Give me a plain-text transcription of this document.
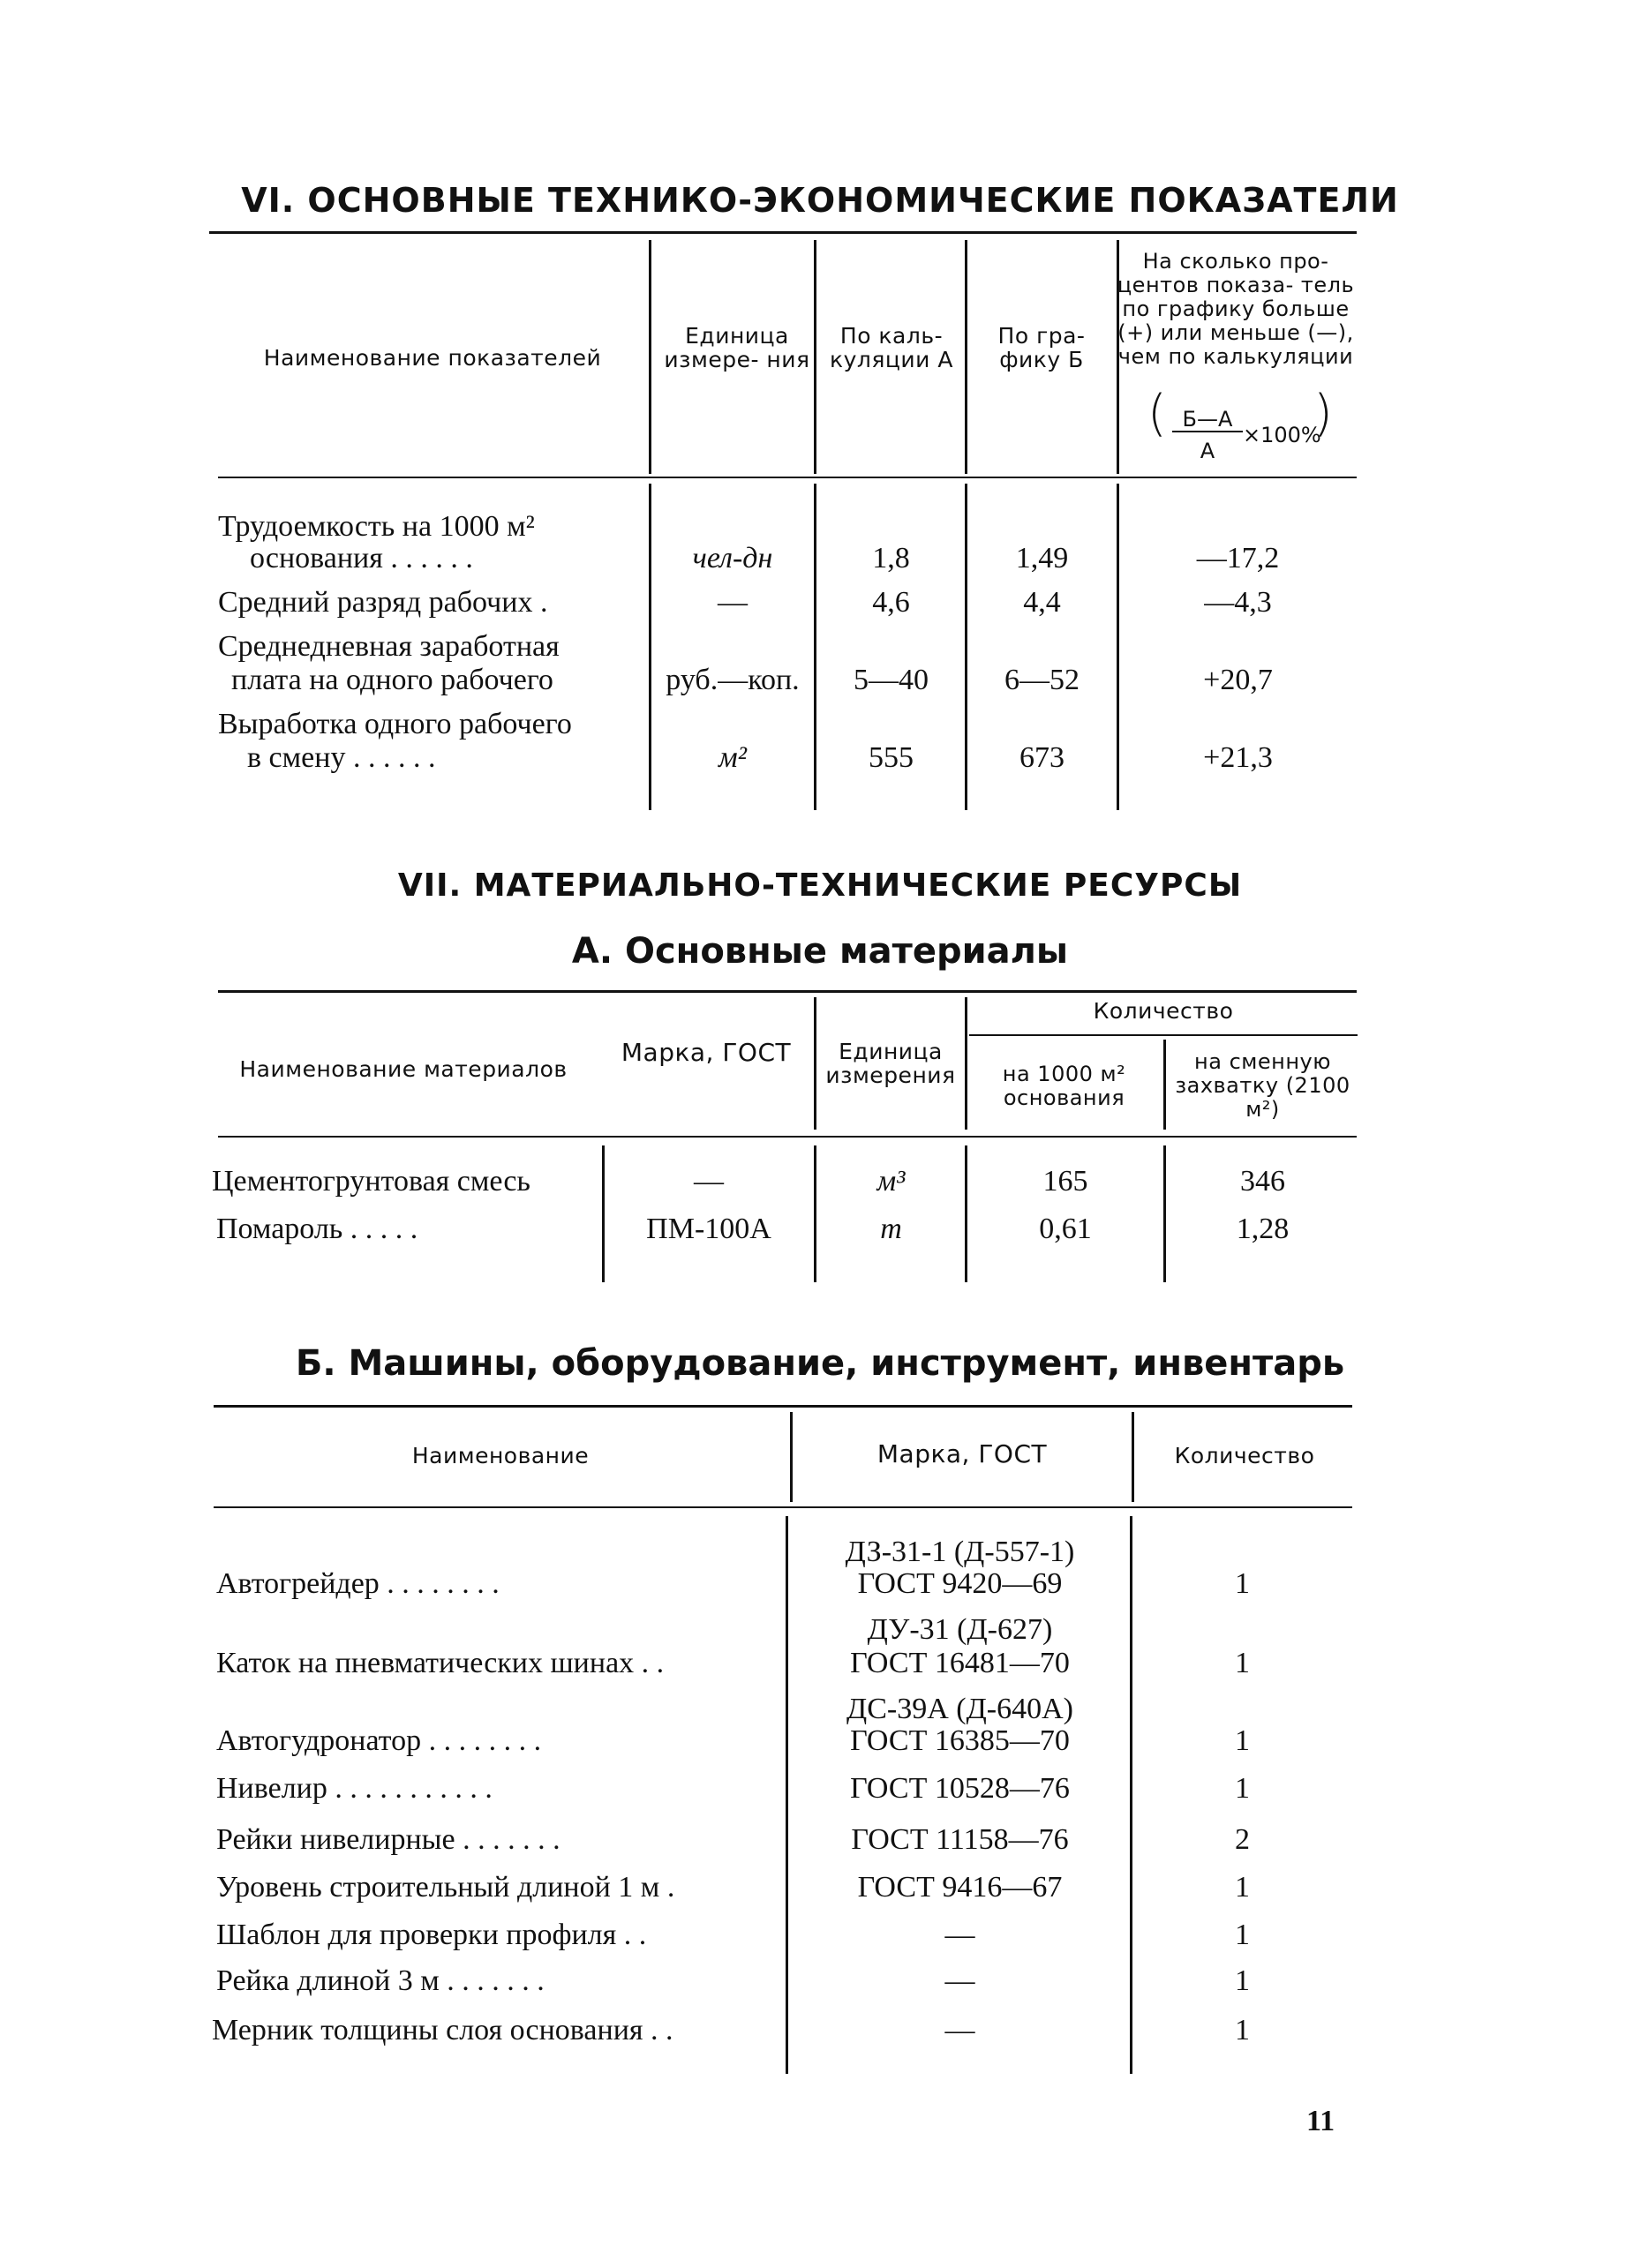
VI. ОСНОВНЫЕ ТЕХНИКО-ЭКОНОМИЧЕСКИЕ ПОКАЗАТЕЛИ
Наименование показателей
Единица измере- ния
По каль- куляции А
По гра- фику Б
На сколько про- центов показа- тель по графику больше (+) или меньше (—), чем по калькуляции
( Б—А
А
×100%
)
Трудоемкость на 1000 м²
основания . . . . . .	чел-дн	1,8	1,49	—17,2
Средний разряд рабочих .	—	4,6	4,4	—4,3
Среднедневная заработная
плата на одного рабочего	руб.—коп.	5—40	6—52	+20,7
Выработка одного рабочего
в смену . . . . . .	м²	555	673	+21,3
VII. МАТЕРИАЛЬНО-ТЕХНИЧЕСКИЕ РЕСУРСЫ
А. Основные материалы
Наименование материалов
Марка, ГОСТ	Единица измерения
Количество
на 1000 м² основания
на сменную захватку (2100 м²)
Цементогрунтовая смесь	—	м³	165	346
Помароль . . . . .	ПМ-100А	т	0,61	1,28
Б. Машины, оборудование, инструмент, инвентарь
Наименование	Марка, ГОСТ	Количество
ДЗ-31-1 (Д-557-1)
Автогрейдер . . . . . . . .	ГОСТ 9420—69	1
ДУ-31 (Д-627)
Каток на пневматических шинах . .	ГОСТ 16481—70	1
ДС-39А (Д-640А)
Автогудронатор . . . . . . . .	ГОСТ 16385—70	1
Нивелир . . . . . . . . . . .	ГОСТ 10528—76	1
Рейки нивелирные . . . . . . .	ГОСТ 11158—76	2
Уровень строительный длиной 1 м .	ГОСТ 9416—67	1
Шаблон для проверки профиля . .	—	1
Рейка длиной 3 м . . . . . . .	—	1
Мерник толщины слоя основания . .	—	1
11
